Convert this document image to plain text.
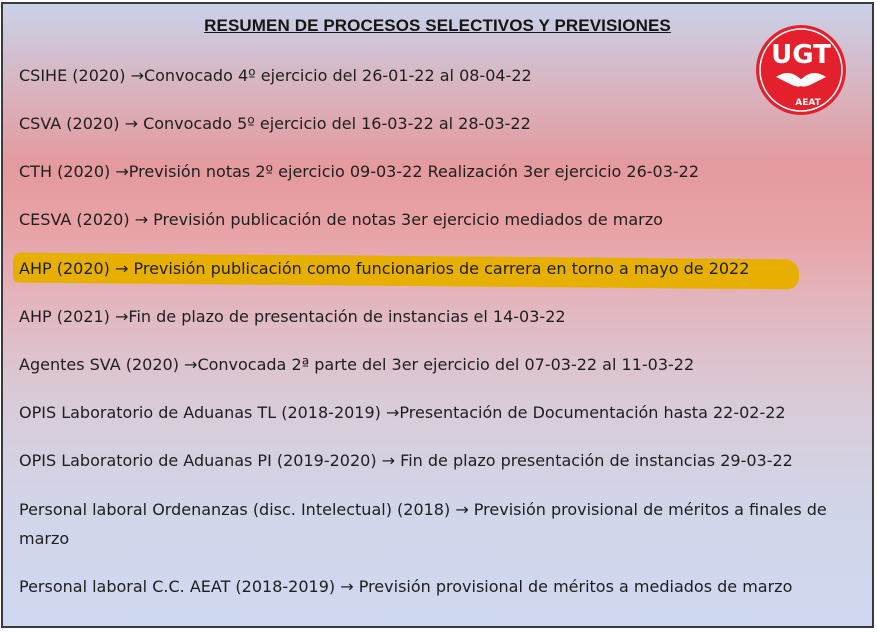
RESUMEN DE PROCESOS SELECTIVOS Y PREVISIONES
UGT
AEAT
CSIHE (2020) →Convocado 4º ejercicio del 26-01-22 al 08-04-22
CSVA (2020) → Convocado 5º ejercicio del 16-03-22 al 28-03-22
CTH (2020) →Previsión notas 2º ejercicio 09-03-22 Realización 3er ejercicio 26-03-22
CESVA (2020) → Previsión publicación de notas 3er ejercicio mediados de marzo
AHP (2020) → Previsión publicación como funcionarios de carrera en torno a mayo de 2022
AHP (2021) →Fin de plazo de presentación de instancias el 14-03-22
Agentes SVA (2020) →Convocada 2ª parte del 3er ejercicio del 07-03-22 al 11-03-22
OPIS Laboratorio de Aduanas TL (2018-2019) →Presentación de Documentación hasta 22-02-22
OPIS Laboratorio de Aduanas PI (2019-2020) → Fin de plazo presentación de instancias 29-03-22
Personal laboral Ordenanzas (disc. Intelectual) (2018) → Previsión provisional de méritos a finales de marzo
Personal laboral C.C. AEAT (2018-2019) → Previsión provisional de méritos a mediados de marzo
